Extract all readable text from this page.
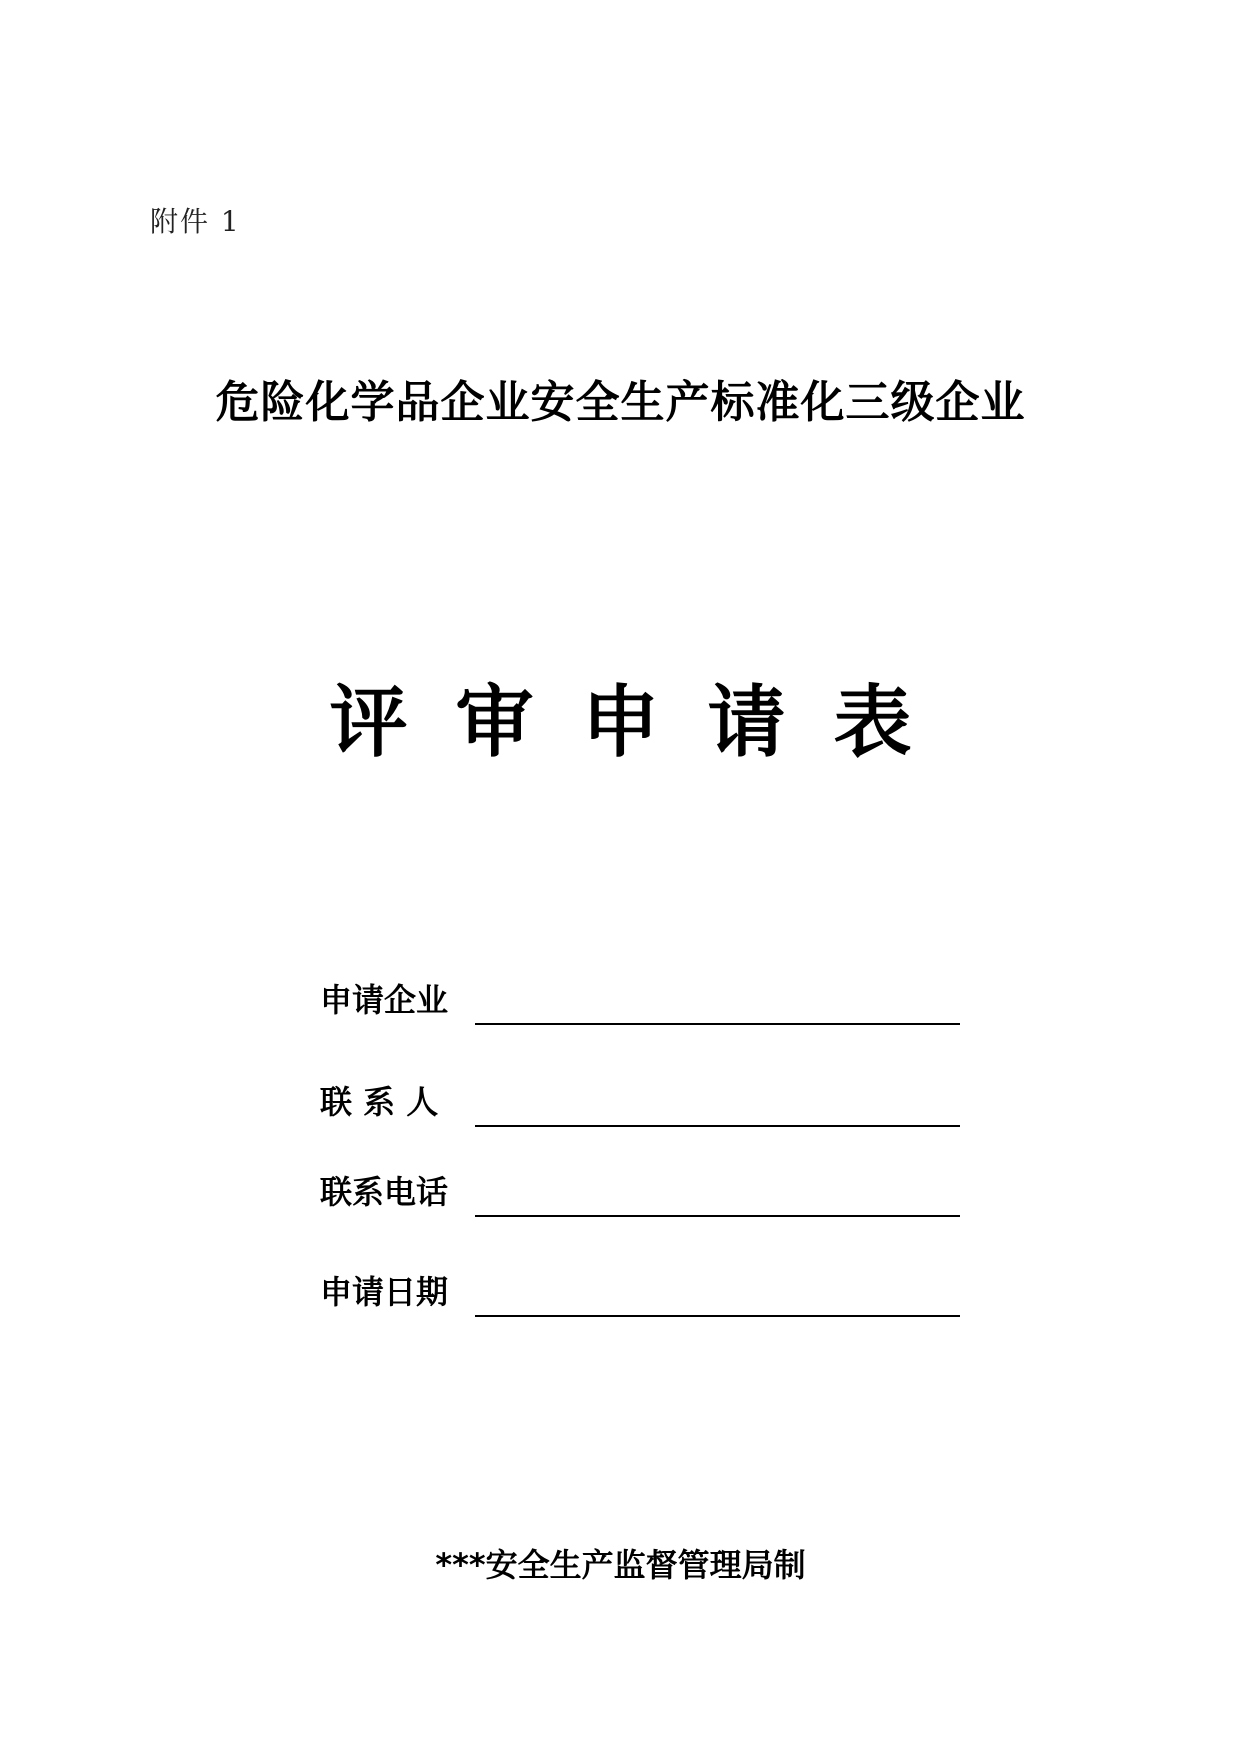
附件 1
危险化学品企业安全生产标准化三级企业
评审申请表
申请企业
联 系 人
联系电话
申请日期
***安全生产监督管理局制
